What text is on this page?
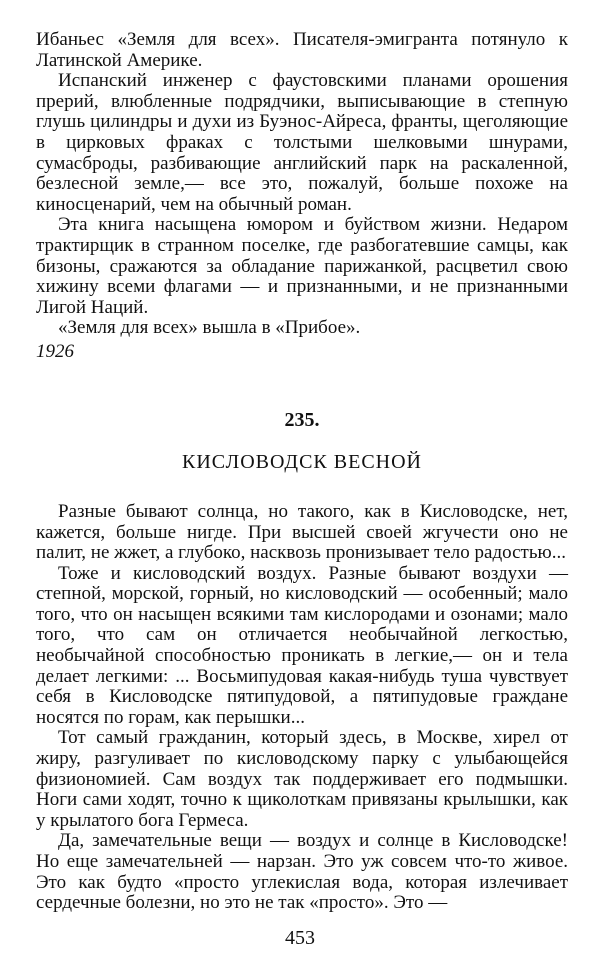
Ибаньес «Земля для всех». Писателя-эмигранта потянуло к Латинской Америке.

Испанский инженер с фаустовскими планами орошения прерий, влюбленные подрядчики, выписывающие в степную глушь цилиндры и духи из Буэнос-Айреса, франты, щеголяющие в цирковых фраках с толстыми шелковыми шнурами, сумасброды, разбивающие английский парк на раскаленной, безлесной земле,— все это, пожалуй, больше похоже на киносценарий, чем на обычный роман.

Эта книга насыщена юмором и буйством жизни. Недаром трактирщик в странном поселке, где разбогатевшие самцы, как бизоны, сражаются за обладание парижанкой, расцветил свою хижину всеми флагами — и признанными, и не признанными Лигой Наций.

«Земля для всех» вышла в «Прибое».

1926
235.
КИСЛОВОДСК ВЕСНОЙ

Разные бывают солнца, но такого, как в Кисловодске, нет, кажется, больше нигде. При высшей своей жгучести оно не палит, не жжет, а глубоко, насквозь пронизывает тело радостью...

Тоже и кисловодский воздух. Разные бывают воздухи — степной, морской, горный, но кисловодский — особенный; мало того, что он насыщен всякими там кислородами и озонами; мало того, что сам он отличается необычайной легкостью, необычайной способностью проникать в легкие,— он и тела делает легкими: ... Восьмипудовая какая-нибудь туша чувствует себя в Кисловодске пятипудовой, а пятипудовые граждане носятся по горам, как перышки...

Тот самый гражданин, который здесь, в Москве, хирел от жиру, разгуливает по кисловодскому парку с улыбающейся физиономией. Сам воздух так поддерживает его подмышки. Ноги сами ходят, точно к щиколоткам привязаны крылышки, как у крылатого бога Гермеса.

Да, замечательные вещи — воздух и солнце в Кисловодске! Но еще замечательней — нарзан. Это уж совсем что-то живое. Это как будто «просто углекислая вода, которая излечивает сердечные болезни, но это не так «просто». Это —

453
